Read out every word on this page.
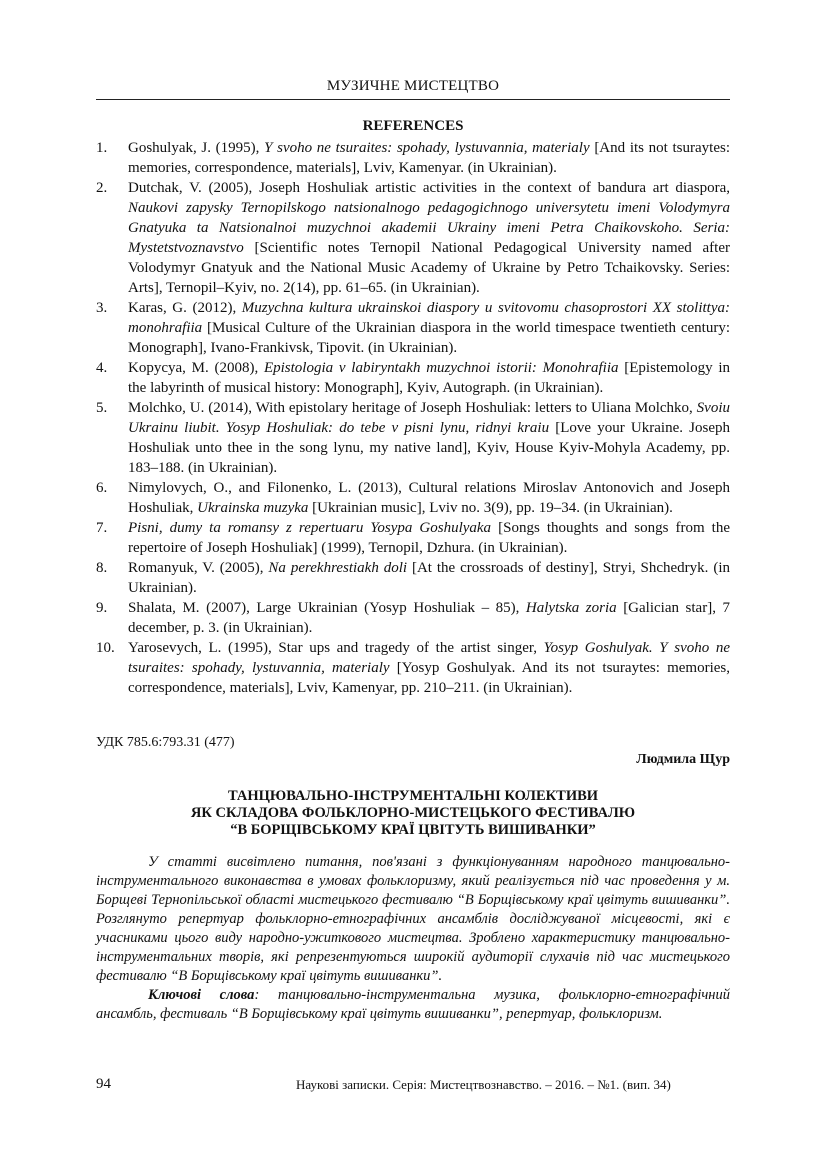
МУЗИЧНЕ МИСТЕЦТВО
REFERENCES
1. Goshulyak, J. (1995), Y svoho ne tsuraites: spohady, lystuvannia, materialy [And its not tsuraytes: memories, correspondence, materials], Lviv, Kamenyar. (in Ukrainian).
2. Dutchak, V. (2005), Joseph Hoshuliak artistic activities in the context of bandura art diaspora, Naukovi zapysky Ternopilskogo natsionalnogo pedagogichnogo universytetu imeni Volodymyra Gnatyuka ta Natsionalnoi muzychnoi akademii Ukrainy imeni Petra Chaikovskoho. Seria: Mystetstvoznavstvo [Scientific notes Ternopil National Pedagogical University named after Volodymyr Gnatyuk and the National Music Academy of Ukraine by Petro Tchaikovsky. Series: Arts], Ternopil–Kyiv, no. 2(14), pp. 61–65. (in Ukrainian).
3. Karas, G. (2012), Muzychna kultura ukrainskoi diaspory u svitovomu chasoprostori XX stolittya: monohrafiia [Musical Culture of the Ukrainian diaspora in the world timespace twentieth century: Monograph], Ivano-Frankivsk, Tipovit. (in Ukrainian).
4. Kopycya, M. (2008), Epistologia v labiryntakh muzychnoi istorii: Monohrafiia [Epistemology in the labyrinth of musical history: Monograph], Kyiv, Autograph. (in Ukrainian).
5. Molchko, U. (2014), With epistolary heritage of Joseph Hoshuliak: letters to Uliana Molchko, Svoiu Ukrainu liubit. Yosyp Hoshuliak: do tebe v pisni lynu, ridnyi kraiu [Love your Ukraine. Joseph Hoshuliak unto thee in the song lynu, my native land], Kyiv, House Kyiv-Mohyla Academy, pp. 183–188. (in Ukrainian).
6. Nimylovych, O., and Filonenko, L. (2013), Cultural relations Miroslav Antonovich and Joseph Hoshuliak, Ukrainska muzyka [Ukrainian music], Lviv no. 3(9), pp. 19–34. (in Ukrainian).
7. Pisni, dumy ta romansy z repertuaru Yosypa Goshulyaka [Songs thoughts and songs from the repertoire of Joseph Hoshuliak] (1999), Ternopil, Dzhura. (in Ukrainian).
8. Romanyuk, V. (2005), Na perekhrestiakh doli [At the crossroads of destiny], Stryi, Shchedryk. (in Ukrainian).
9. Shalata, M. (2007), Large Ukrainian (Yosyp Hoshuliak – 85), Halytska zoria [Galician star], 7 december, p. 3. (in Ukrainian).
10. Yarosevych, L. (1995), Star ups and tragedy of the artist singer, Yosyp Goshulyak. Y svoho ne tsuraites: spohady, lystuvannia, materialy [Yosyp Goshulyak. And its not tsuraytes: memories, correspondence, materials], Lviv, Kamenyar, pp. 210–211. (in Ukrainian).
УДК 785.6:793.31 (477)
Людмила Щур
ТАНЦЮВАЛЬНО-ІНСТРУМЕНТАЛЬНІ КОЛЕКТИВИ
ЯК СКЛАДОВА ФОЛЬКЛОРНО-МИСТЕЦЬКОГО ФЕСТИВАЛЮ
“В БОРЩІВСЬКОМУ КРАЇ ЦВІТУТЬ ВИШИВАНКИ”

У статті висвітлено питання, пов'язані з функціонуванням народного танцювально-інструментального виконавства в умовах фольклоризму, який реалізується під час проведення у м. Борщеві Тернопільської області мистецького фестивалю “В Борщівському краї цвітуть вишиванки”. Розглянуто репертуар фольклорно-етнографічних ансамблів досліджуваної місцевості, які є учасниками цього виду народно-ужиткового мистецтва. Зроблено характеристику танцювально-інструментальних творів, які репрезентуються широкій аудиторії слухачів під час мистецького фестивалю “В Борщівському краї цвітуть вишиванки”.

Ключові слова: танцювально-інструментальна музика, фольклорно-етнографічний ансамбль, фестиваль “В Борщівському краї цвітуть вишиванки”, репертуар, фольклоризм.

94	Наукові записки. Серія: Мистецтвознавство. – 2016. – №1. (вип. 34)
